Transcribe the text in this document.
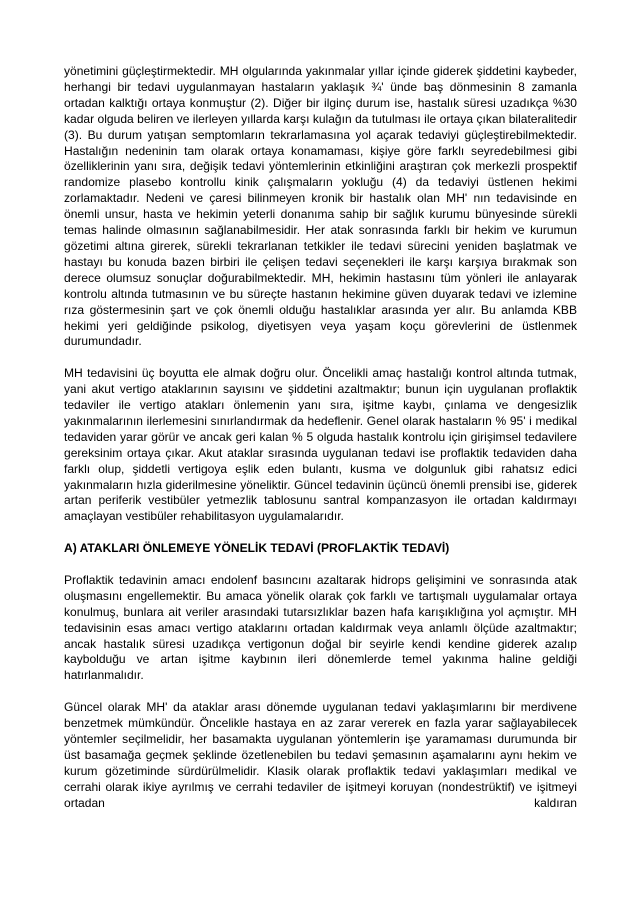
yönetimini güçleştirmektedir. MH olgularında yakınmalar yıllar içinde giderek şiddetini kaybeder, herhangi bir tedavi uygulanmayan hastaların yaklaşık ¾' ünde baş dönmesinin 8 zamanla ortadan kalktığı ortaya konmuştur (2). Diğer bir ilginç durum ise, hastalık süresi uzadıkça %30 kadar olguda beliren ve ilerleyen yıllarda karşı kulağın da tutulması ile ortaya çıkan bilateralitedir (3). Bu durum yatışan semptomların tekrarlamasına yol açarak tedaviyi güçleştirebilmektedir. Hastalığın nedeninin tam olarak ortaya konamaması, kişiye göre farklı seyredebilmesi gibi özelliklerinin yanı sıra, değişik tedavi yöntemlerinin etkinliğini araştıran çok merkezli prospektif randomize plasebo kontrollu kinik çalışmaların yokluğu (4) da tedaviyi üstlenen hekimi zorlamaktadır. Nedeni ve çaresi bilinmeyen kronik bir hastalık olan MH' nın tedavisinde en önemli unsur, hasta ve hekimin yeterli donanıma sahip bir sağlık kurumu bünyesinde sürekli temas halinde olmasının sağlanabilmesidir. Her atak sonrasında farklı bir hekim ve kurumun gözetimi altına girerek, sürekli tekrarlanan tetkikler ile tedavi sürecini yeniden başlatmak ve hastayı bu konuda bazen birbiri ile çelişen tedavi seçenekleri ile karşı karşıya bırakmak son derece olumsuz sonuçlar doğurabilmektedir. MH, hekimin hastasını tüm yönleri ile anlayarak kontrolu altında tutmasının ve bu süreçte hastanın hekimine güven duyarak tedavi ve izlemine rıza göstermesinin şart ve çok önemli olduğu hastalıklar arasında yer alır. Bu anlamda KBB hekimi yeri geldiğinde psikolog, diyetisyen veya yaşam koçu görevlerini de üstlenmek durumundadır.

MH tedavisini üç boyutta ele almak doğru olur. Öncelikli amaç hastalığı kontrol altında tutmak, yani akut vertigo ataklarının sayısını ve şiddetini azaltmaktır; bunun için uygulanan proflaktik tedaviler ile vertigo atakları önlemenin yanı sıra, işitme kaybı, çınlama ve dengesizlik yakınmalarının ilerlemesini sınırlandırmak da hedeflenir. Genel olarak hastaların % 95' i medikal tedaviden yarar görür ve ancak geri kalan % 5 olguda hastalık kontrolu için girişimsel tedavilere gereksinim ortaya çıkar. Akut ataklar sırasında uygulanan tedavi ise proflaktik tedaviden daha farklı olup, şiddetli vertigoya eşlik eden bulantı, kusma ve dolgunluk gibi rahatsız edici yakınmaların hızla giderilmesine yöneliktir. Güncel tedavinin üçüncü önemli prensibi ise, giderek artan periferik vestibüler yetmezlik tablosunu santral kompanzasyon ile ortadan kaldırmayı amaçlayan vestibüler rehabilitasyon uygulamalarıdır.

A) ATAKLARI ÖNLEMEYE YÖNELİK TEDAVİ (PROFLAKTİK TEDAVİ)

Proflaktik tedavinin amacı endolenf basıncını azaltarak hidrops gelişimini ve sonrasında atak oluşmasını engellemektir. Bu amaca yönelik olarak çok farklı ve tartışmalı uygulamalar ortaya konulmuş, bunlara ait veriler arasındaki tutarsızlıklar bazen hafa karışıklığına yol açmıştır. MH tedavisinin esas amacı vertigo ataklarını ortadan kaldırmak veya anlamlı ölçüde azaltmaktır; ancak hastalık süresi uzadıkça vertigonun doğal bir seyirle kendi kendine giderek azalıp kaybolduğu ve artan işitme kaybının ileri dönemlerde temel yakınma haline geldiği hatırlanmalıdır.

Güncel olarak MH' da ataklar arası dönemde uygulanan tedavi yaklaşımlarını bir merdivene benzetmek mümkündür. Öncelikle hastaya en az zarar vererek en fazla yarar sağlayabilecek yöntemler seçilmelidir, her basamakta uygulanan yöntemlerin işe yaramaması durumunda bir üst basamağa geçmek şeklinde özetlenebilen bu tedavi şemasının aşamalarını aynı hekim ve kurum gözetiminde sürdürülmelidir. Klasik olarak proflaktik tedavi yaklaşımları medikal ve cerrahi olarak ikiye ayrılmış ve cerrahi tedaviler de işitmeyi koruyan (nondestrüktif) ve işitmeyi ortadan kaldıran
